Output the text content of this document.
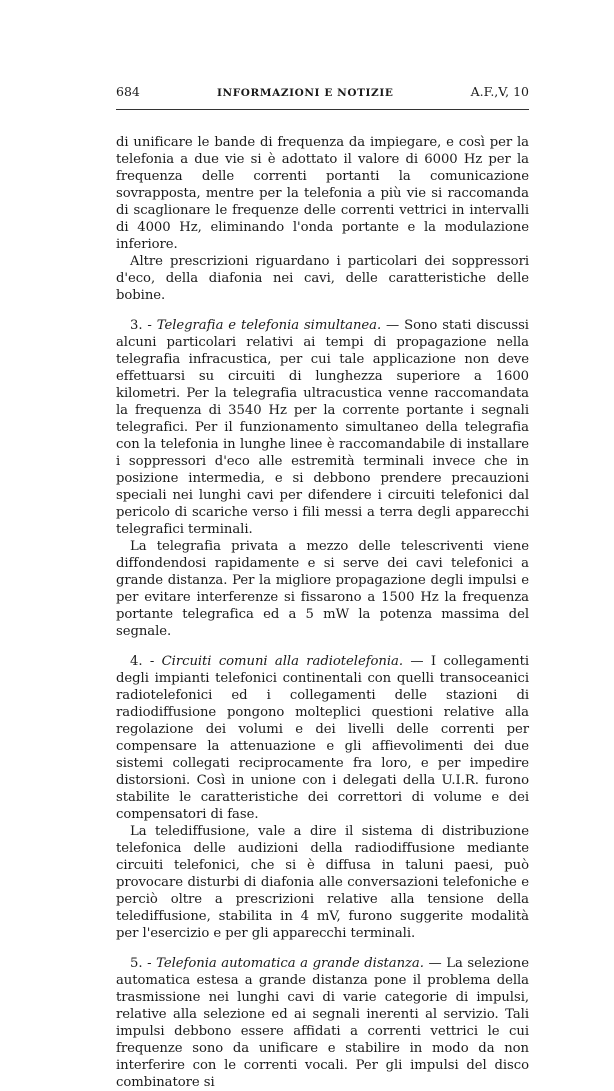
684	INFORMAZIONI E NOTIZIE	A.F.,V, 10

di unificare le bande di frequenza da impiegare, e così per la telefonia a due vie si è adottato il valore di 6000 Hz per la frequenza delle correnti portanti la comunicazione sovrapposta, mentre per la telefonia a più vie si raccomanda di scaglionare le frequenze delle correnti vettrici in intervalli di 4000 Hz, eliminando l'onda portante e la modulazione inferiore.

Altre prescrizioni riguardano i particolari dei soppressori d'eco, della diafonia nei cavi, delle caratteristiche delle bobine.

3. - Telegrafia e telefonia simultanea. — Sono stati discussi alcuni particolari relativi ai tempi di propagazione nella telegrafia infracustica, per cui tale applicazione non deve effettuarsi su circuiti di lunghezza superiore a 1600 kilometri. Per la telegrafia ultracustica venne raccomandata la frequenza di 3540 Hz per la corrente portante i segnali telegrafici. Per il funzionamento simultaneo della telegrafia con la telefonia in lunghe linee è raccomandabile di installare i soppressori d'eco alle estremità terminali invece che in posizione intermedia, e si debbono prendere precauzioni speciali nei lunghi cavi per difendere i circuiti telefonici dal pericolo di scariche verso i fili messi a terra degli apparecchi telegrafici terminali.

La telegrafia privata a mezzo delle telescriventi viene diffondendosi rapidamente e si serve dei cavi telefonici a grande distanza. Per la migliore propagazione degli impulsi e per evitare interferenze si fissarono a 1500 Hz la frequenza portante telegrafica ed a 5 mW la potenza massima del segnale.

4. - Circuiti comuni alla radiotelefonia. — I collegamenti degli impianti telefonici continentali con quelli transoceanici radiotelefonici ed i collegamenti delle stazioni di radiodiffusione pongono molteplici questioni relative alla regolazione dei volumi e dei livelli delle correnti per compensare la attenuazione e gli affievolimenti dei due sistemi collegati reciprocamente fra loro, e per impedire distorsioni. Così in unione con i delegati della U.I.R. furono stabilite le caratteristiche dei correttori di volume e dei compensatori di fase.

La telediffusione, vale a dire il sistema di distribuzione telefonica delle audizioni della radiodiffusione mediante circuiti telefonici, che si è diffusa in taluni paesi, può provocare disturbi di diafonia alle conversazioni telefoniche e perciò oltre a prescrizioni relative alla tensione della telediffusione, stabilita in 4 mV, furono suggerite modalità per l'esercizio e per gli apparecchi terminali.

5. - Telefonia automatica a grande distanza. — La selezione automatica estesa a grande distanza pone il problema della trasmissione nei lunghi cavi di varie categorie di impulsi, relative alla selezione ed ai segnali inerenti al servizio. Tali impulsi debbono essere affidati a correnti vettrici le cui frequenze sono da unificare e stabilire in modo da non interferire con le correnti vocali. Per gli impulsi del disco combinatore si
